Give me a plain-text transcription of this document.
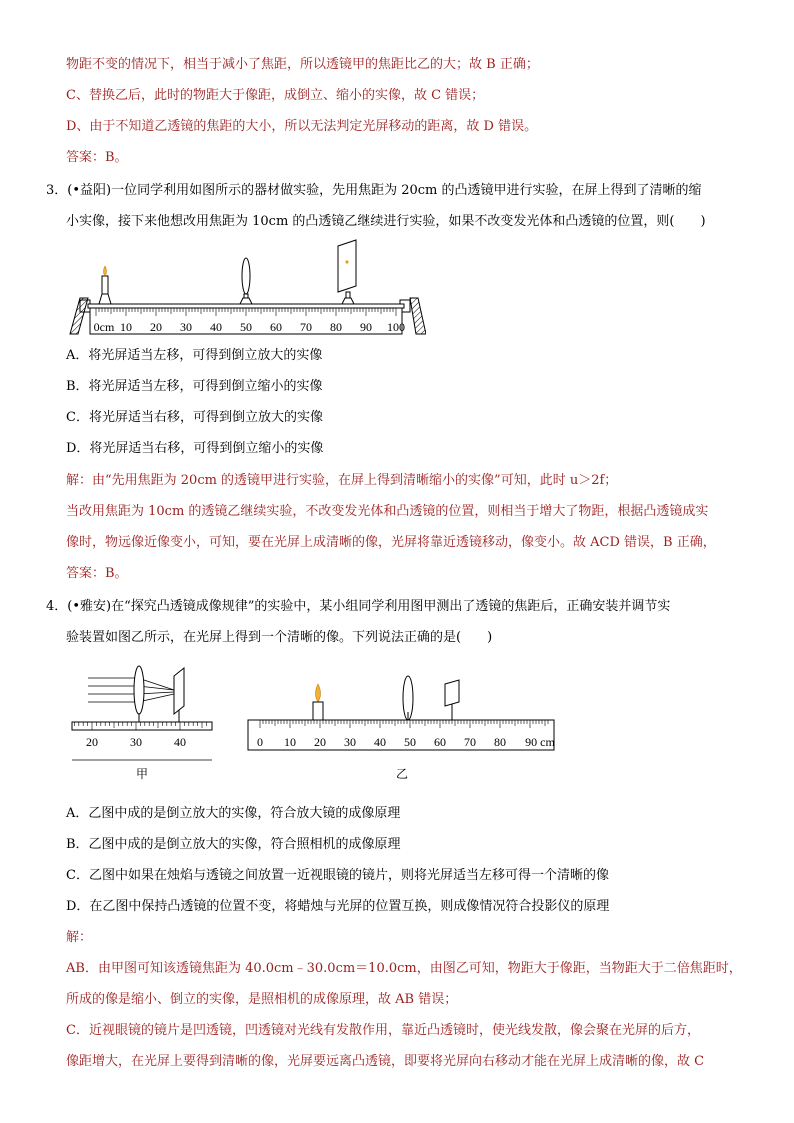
物距不变的情况下，相当于减小了焦距，所以透镜甲的焦距比乙的大；故 B 正确；
C、替换乙后，此时的物距大于像距，成倒立、缩小的实像，故 C 错误；
D、由于不知道乙透镜的焦距的大小，所以无法判定光屏移动的距离，故 D 错误。
答案：B。
3．(•益阳)一位同学利用如图所示的器材做实验，先用焦距为 20cm 的凸透镜甲进行实验，在屏上得到了清晰的缩
小实像，接下来他想改用焦距为 10cm 的凸透镜乙继续进行实验，如果不改变发光体和凸透镜的位置，则(　　)
0cm 10 20 30 40 50 60 70 80 90 100
A．将光屏适当左移，可得到倒立放大的实像
B．将光屏适当左移，可得到倒立缩小的实像
C．将光屏适当右移，可得到倒立放大的实像
D．将光屏适当右移，可得到倒立缩小的实像
解：由“先用焦距为 20cm 的透镜甲进行实验，在屏上得到清晰缩小的实像”可知，此时 u＞2f；
当改用焦距为 10cm 的透镜乙继续实验，不改变发光体和凸透镜的位置，则相当于增大了物距，根据凸透镜成实
像时，物远像近像变小，可知，要在光屏上成清晰的像，光屏将靠近透镜移动，像变小。故 ACD 错误，B 正确，
答案：B。
4．(•雅安)在“探究凸透镜成像规律”的实验中，某小组同学利用图甲测出了透镜的焦距后，正确安装并调节实
验装置如图乙所示，在光屏上得到一个清晰的像。下列说法正确的是(　　)
20	30	40
甲
0 10 20 30 40 50 60 70 80 90 cm
乙
A．乙图中成的是倒立放大的实像，符合放大镜的成像原理
B．乙图中成的是倒立放大的实像，符合照相机的成像原理
C．乙图中如果在烛焰与透镜之间放置一近视眼镜的镜片，则将光屏适当左移可得一个清晰的像
D．在乙图中保持凸透镜的位置不变，将蜡烛与光屏的位置互换，则成像情况符合投影仪的原理
解：
AB．由甲图可知该透镜焦距为 40.0cm﹣30.0cm＝10.0cm，由图乙可知，物距大于像距，当物距大于二倍焦距时，
所成的像是缩小、倒立的实像，是照相机的成像原理，故 AB 错误；
C．近视眼镜的镜片是凹透镜，凹透镜对光线有发散作用，靠近凸透镜时，使光线发散，像会聚在光屏的后方，
像距增大，在光屏上要得到清晰的像，光屏要远离凸透镜，即要将光屏向右移动才能在光屏上成清晰的像，故 C
